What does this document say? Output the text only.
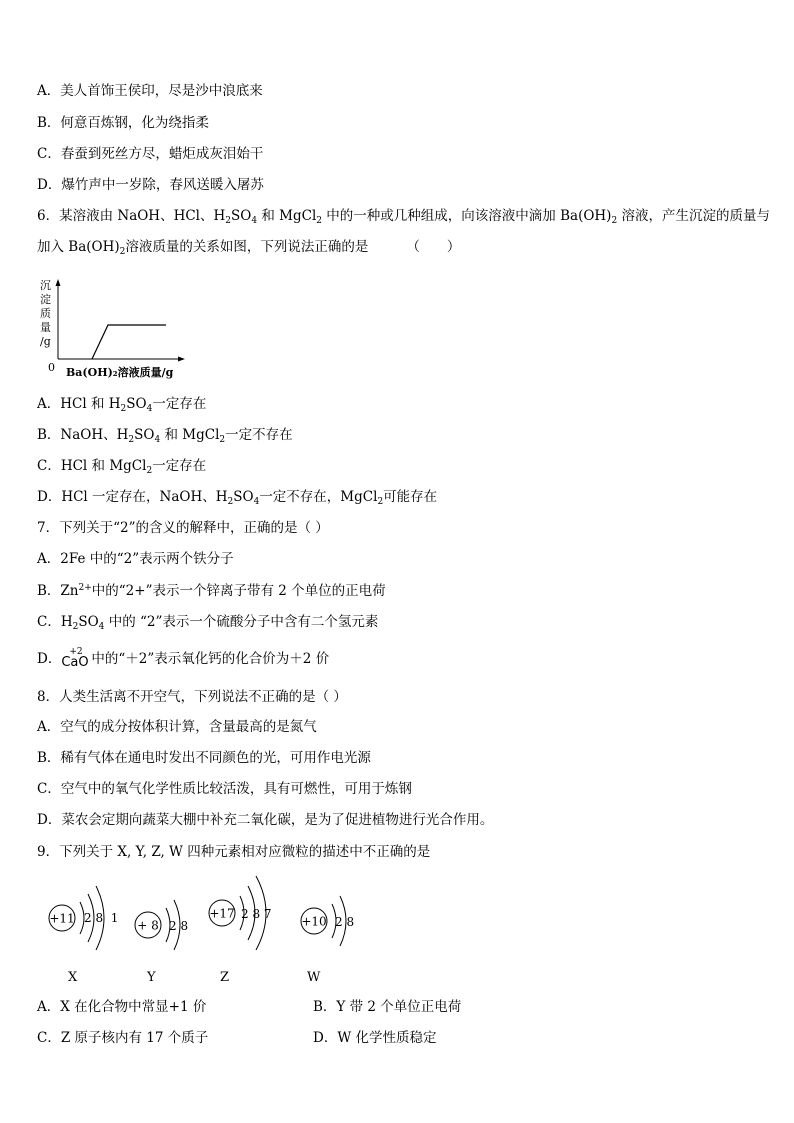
A．美人首饰王侯印，尽是沙中浪底来
B．何意百炼钢，化为绕指柔
C．春蚕到死丝方尽，蜡炬成灰泪始干
D．爆竹声中一岁除，春风送暖入屠苏
6．某溶液由 NaOH、HCl、$H_2SO_4$ 和 MgCl$_2$ 中的一种或几种组成，向该溶液中滴加 $Ba(OH)_2$ 溶液，产生沉淀的质量与
加入 $Ba(OH)_2$溶液质量的关系如图，下列说法正确的是	（　　）
沉
淀
质
量
/g
0 Ba(OH)₂溶液质量/g
A．HCl 和 $H_2SO_4$一定存在
B．NaOH、$H_2SO_4$ 和 MgCl$_2$一定不存在
C．HCl 和 MgCl$_2$一定存在
D．HCl 一定存在，NaOH、$H_2SO_4$一定不存在，MgCl$_2$可能存在
7．下列关于“2”的含义的解释中，正确的是（ ）
A．2Fe 中的“2”表示两个铁分子
B．$Zn^{2+}$中的“2+”表示一个锌离子带有 2 个单位的正电荷
C．$H_2SO_4$ 中的 “2”表示一个硫酸分子中含有二个氢元素
D． +2
CaO 中的“＋2”表示氧化钙的化合价为＋2 价
8．人类生活离不开空气，下列说法不正确的是（ ）
A．空气的成分按体积计算，含量最高的是氮气
B．稀有气体在通电时发出不同颜色的光，可用作电光源
C．空气中的氧气化学性质比较活泼，具有可燃性，可用于炼钢
D．菜农会定期向蔬菜大棚中补充二氧化碳，是为了促进植物进行光合作用。
9．下列关于 X, Y, Z, W 四种元素相对应微粒的描述中不正确的是
+11 2 8  1
+ 8 2 8
+17 2 8 7
+10 2 8
X	Y	Z	W
A．X 在化合物中常显+1 价	B．Y 带 2 个单位正电荷
C．Z 原子核内有 17 个质子	D．W 化学性质稳定
